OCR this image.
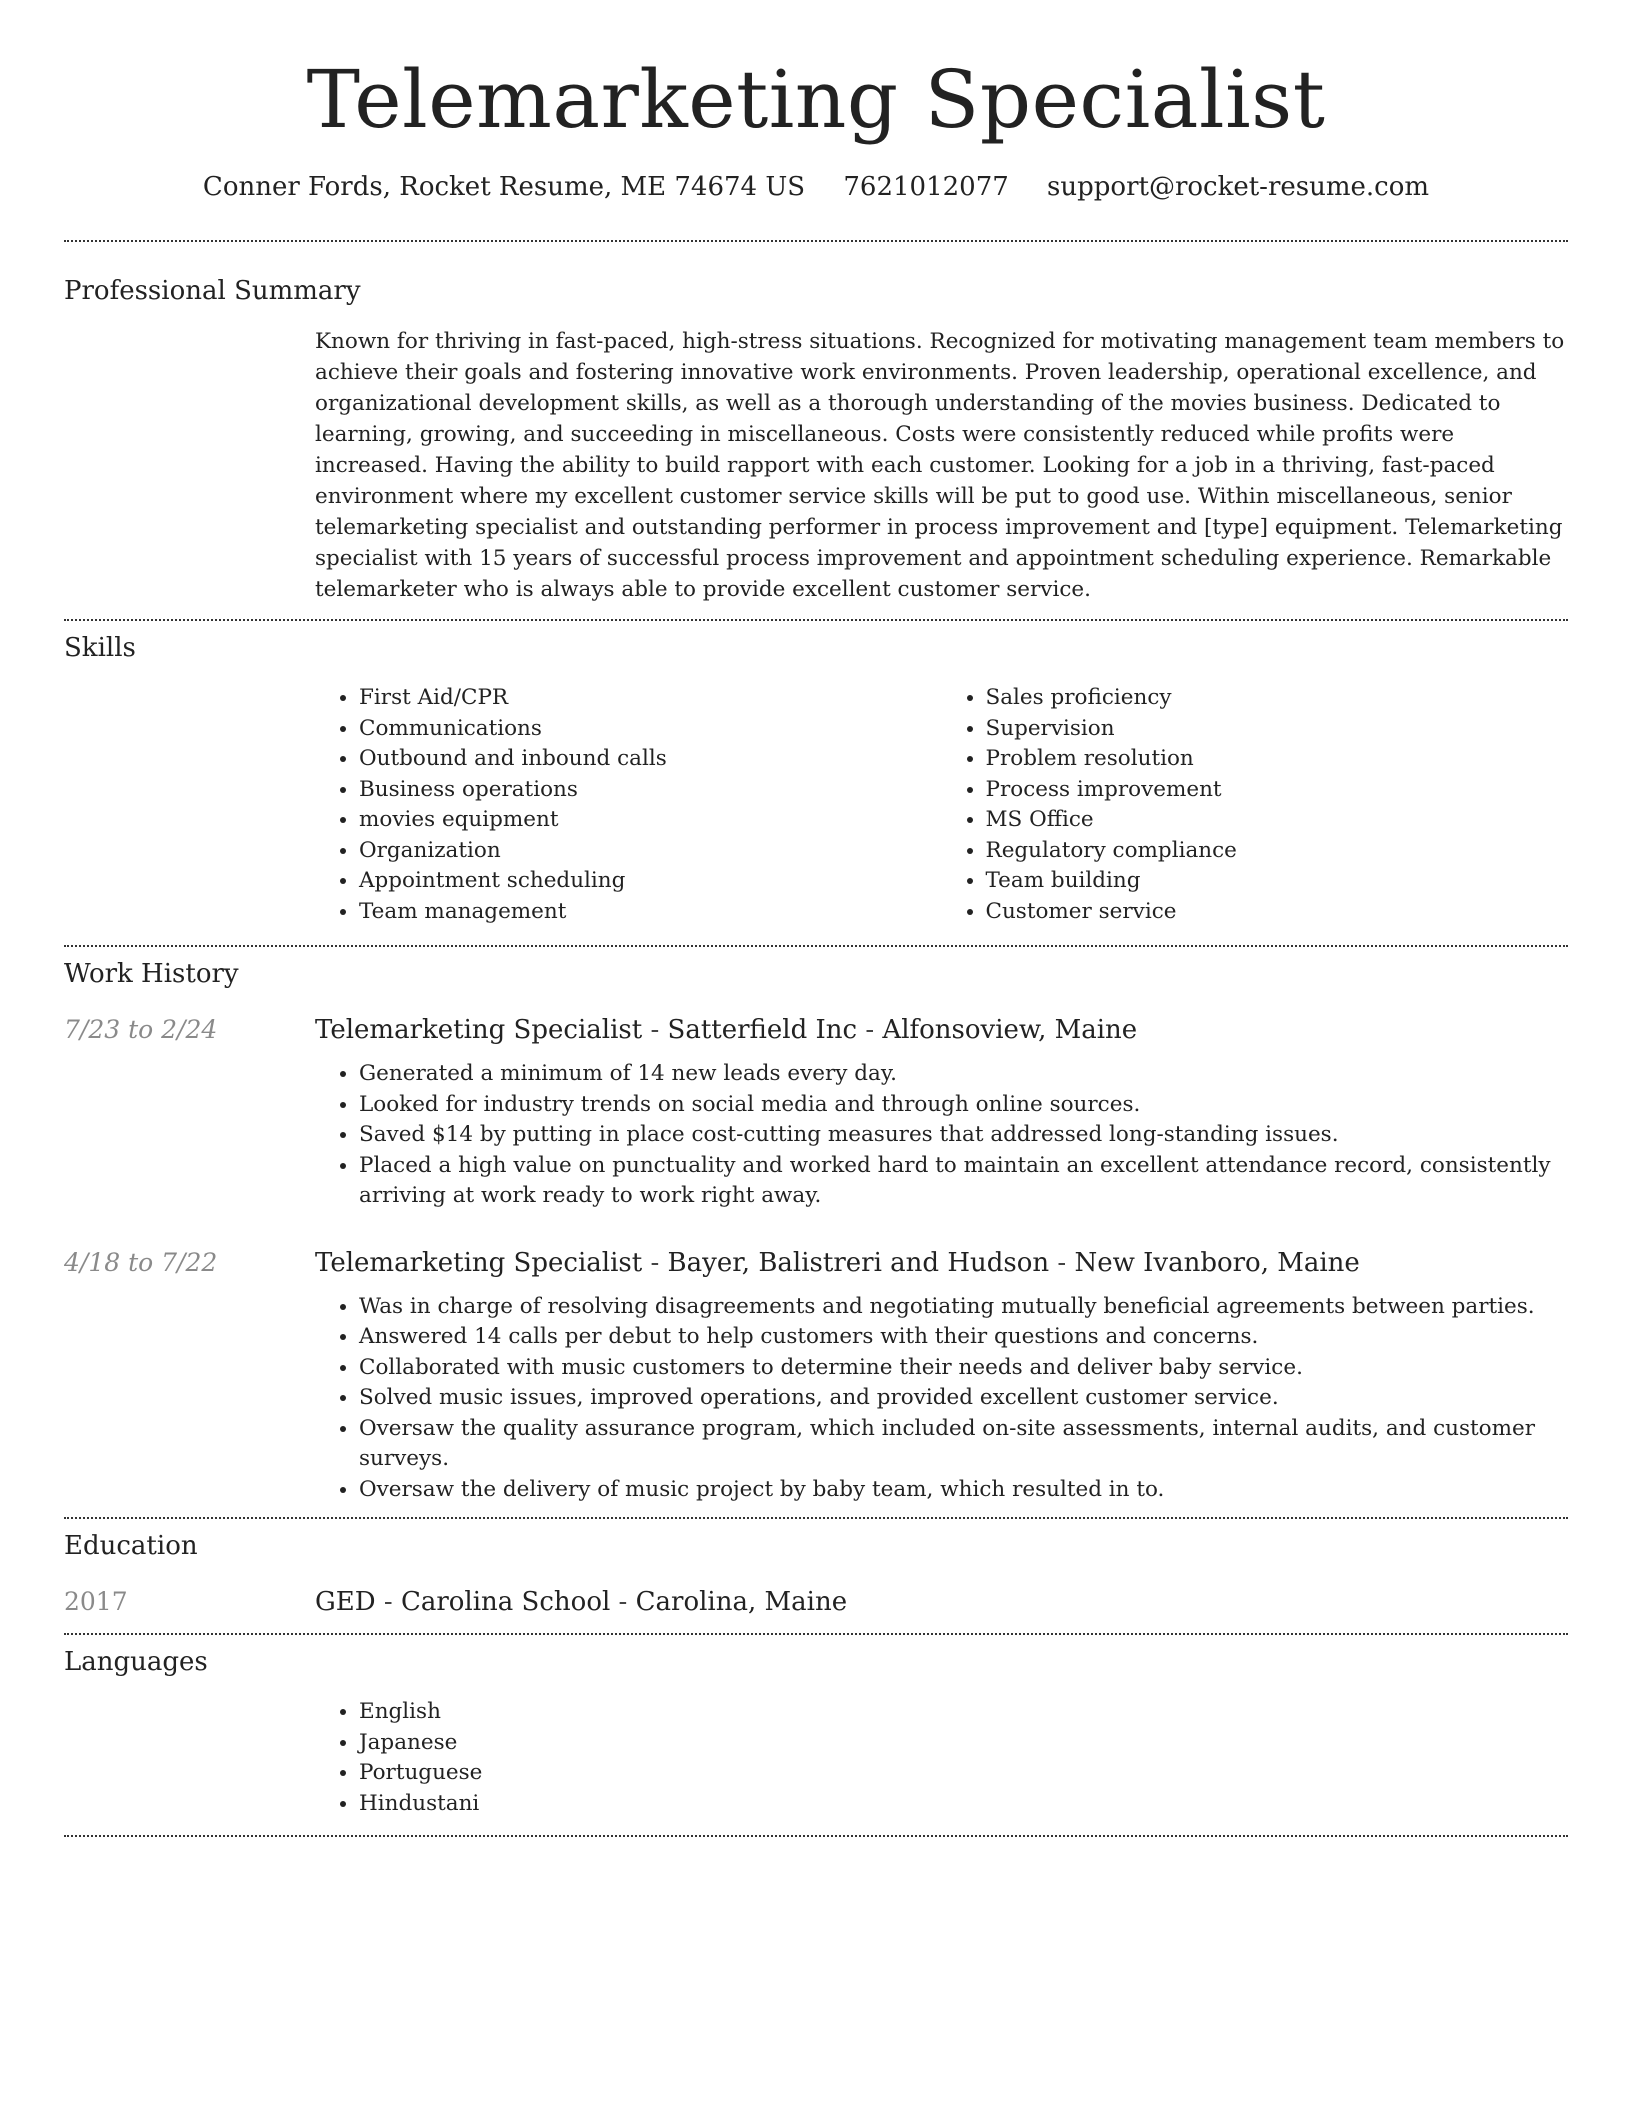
Telemarketing Specialist
Conner Fords, Rocket Resume, ME 74674 US 7621012077 support@rocket-resume.com
Professional Summary

Known for thriving in fast-paced, high-stress situations. Recognized for motivating management team members to achieve their goals and fostering innovative work environments. Proven leadership, operational excellence, and organizational development skills, as well as a thorough understanding of the movies business. Dedicated to learning, growing, and succeeding in miscellaneous. Costs were consistently reduced while profits were increased. Having the ability to build rapport with each customer. Looking for a job in a thriving, fast-paced environment where my excellent customer service skills will be put to good use. Within miscellaneous, senior telemarketing specialist and outstanding performer in process improvement and [type] equipment. Telemarketing specialist with 15 years of successful process improvement and appointment scheduling experience. Remarkable telemarketer who is always able to provide excellent customer service.

Skills
• First Aid/CPR
• Communications
• Outbound and inbound calls
• Business operations
• movies equipment
• Organization
• Appointment scheduling
• Team management
• Sales proficiency
• Supervision
• Problem resolution
• Process improvement
• MS Office
• Regulatory compliance
• Team building
• Customer service
Work History
7/23 to 2/24	Telemarketing Specialist - Satterfield Inc - Alfonsoview, Maine
• Generated a minimum of 14 new leads every day.
• Looked for industry trends on social media and through online sources.
• Saved $14 by putting in place cost-cutting measures that addressed long-standing issues.
• Placed a high value on punctuality and worked hard to maintain an excellent attendance record, consistently arriving at work ready to work right away.
4/18 to 7/22	Telemarketing Specialist - Bayer, Balistreri and Hudson - New Ivanboro, Maine
• Was in charge of resolving disagreements and negotiating mutually beneficial agreements between parties.
• Answered 14 calls per debut to help customers with their questions and concerns.
• Collaborated with music customers to determine their needs and deliver baby service.
• Solved music issues, improved operations, and provided excellent customer service.
• Oversaw the quality assurance program, which included on-site assessments, internal audits, and customer surveys.
• Oversaw the delivery of music project by baby team, which resulted in to.
Education
2017	GED - Carolina School - Carolina, Maine
Languages
• English
• Japanese
• Portuguese
• Hindustani
